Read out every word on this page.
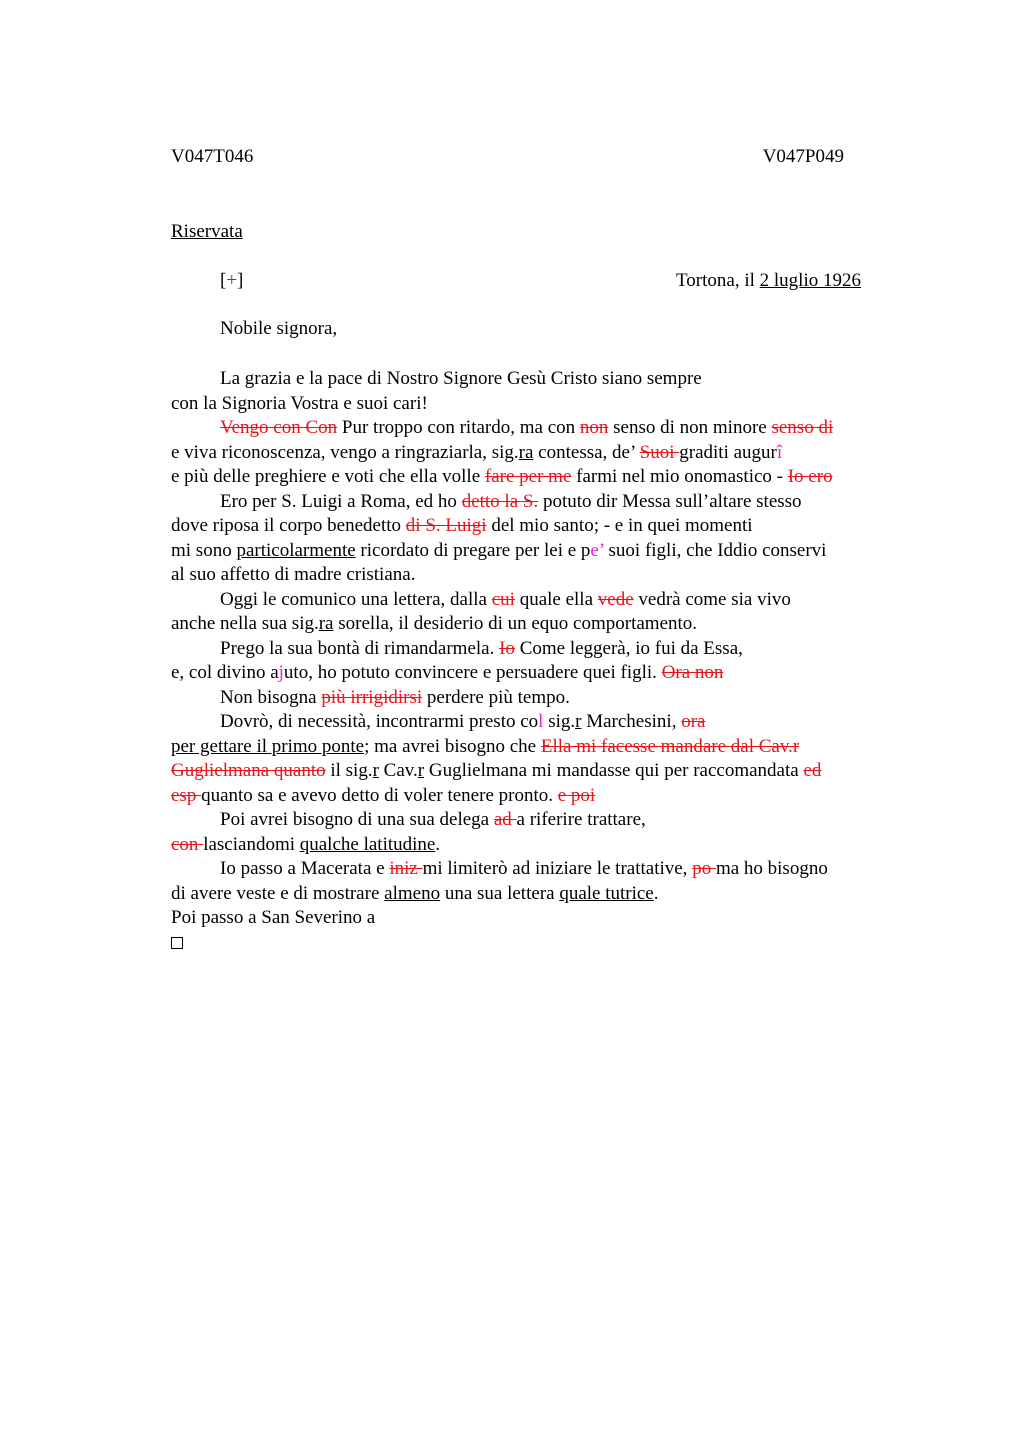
V047T046	V047P049
Riservata
[+]	Tortona, il 2 luglio 1926
Nobile signora,
La grazia e la pace di Nostro Signore Gesù Cristo siano sempre
con la Signoria Vostra e suoi cari!
Vengo con Con Pur troppo con ritardo, ma con non senso di non minore senso di
e viva riconoscenza, vengo a ringraziarla, sig.ra contessa, de’ Suoi graditi augurî
e più delle preghiere e voti che ella volle fare per me farmi nel mio onomastico - Io ero
Ero per S. Luigi a Roma, ed ho detto la S. potuto dir Messa sull’altare stesso
dove riposa il corpo benedetto di S. Luigi del mio santo; - e in quei momenti
mi sono particolarmente ricordato di pregare per lei e pe’ suoi figli, che Iddio conservi
al suo affetto di madre cristiana.
Oggi le comunico una lettera, dalla cui quale ella vede vedrà come sia vivo
anche nella sua sig.ra sorella, il desiderio di un equo comportamento.
Prego la sua bontà di rimandarmela. Io Come leggerà, io fui da Essa,
e, col divino ajuto, ho potuto convincere e persuadere quei figli. Ora non
Non bisogna più irrigidirsi perdere più tempo.
Dovrò, di necessità, incontrarmi presto col sig.r Marchesini, ora
per gettare il primo ponte; ma avrei bisogno che Ella mi facesse mandare dal Cav.r
Guglielmana quanto il sig.r Cav.r Guglielmana mi mandasse qui per raccomandata ed
esp quanto sa e avevo detto di voler tenere pronto. e poi
Poi avrei bisogno di una sua delega ad a riferire trattare,
con lasciandomi qualche latitudine.
Io passo a Macerata e iniz mi limiterò ad iniziare le trattative, po ma ho bisogno
di avere veste e di mostrare almeno una sua lettera quale tutrice.
Poi passo a San Severino a
